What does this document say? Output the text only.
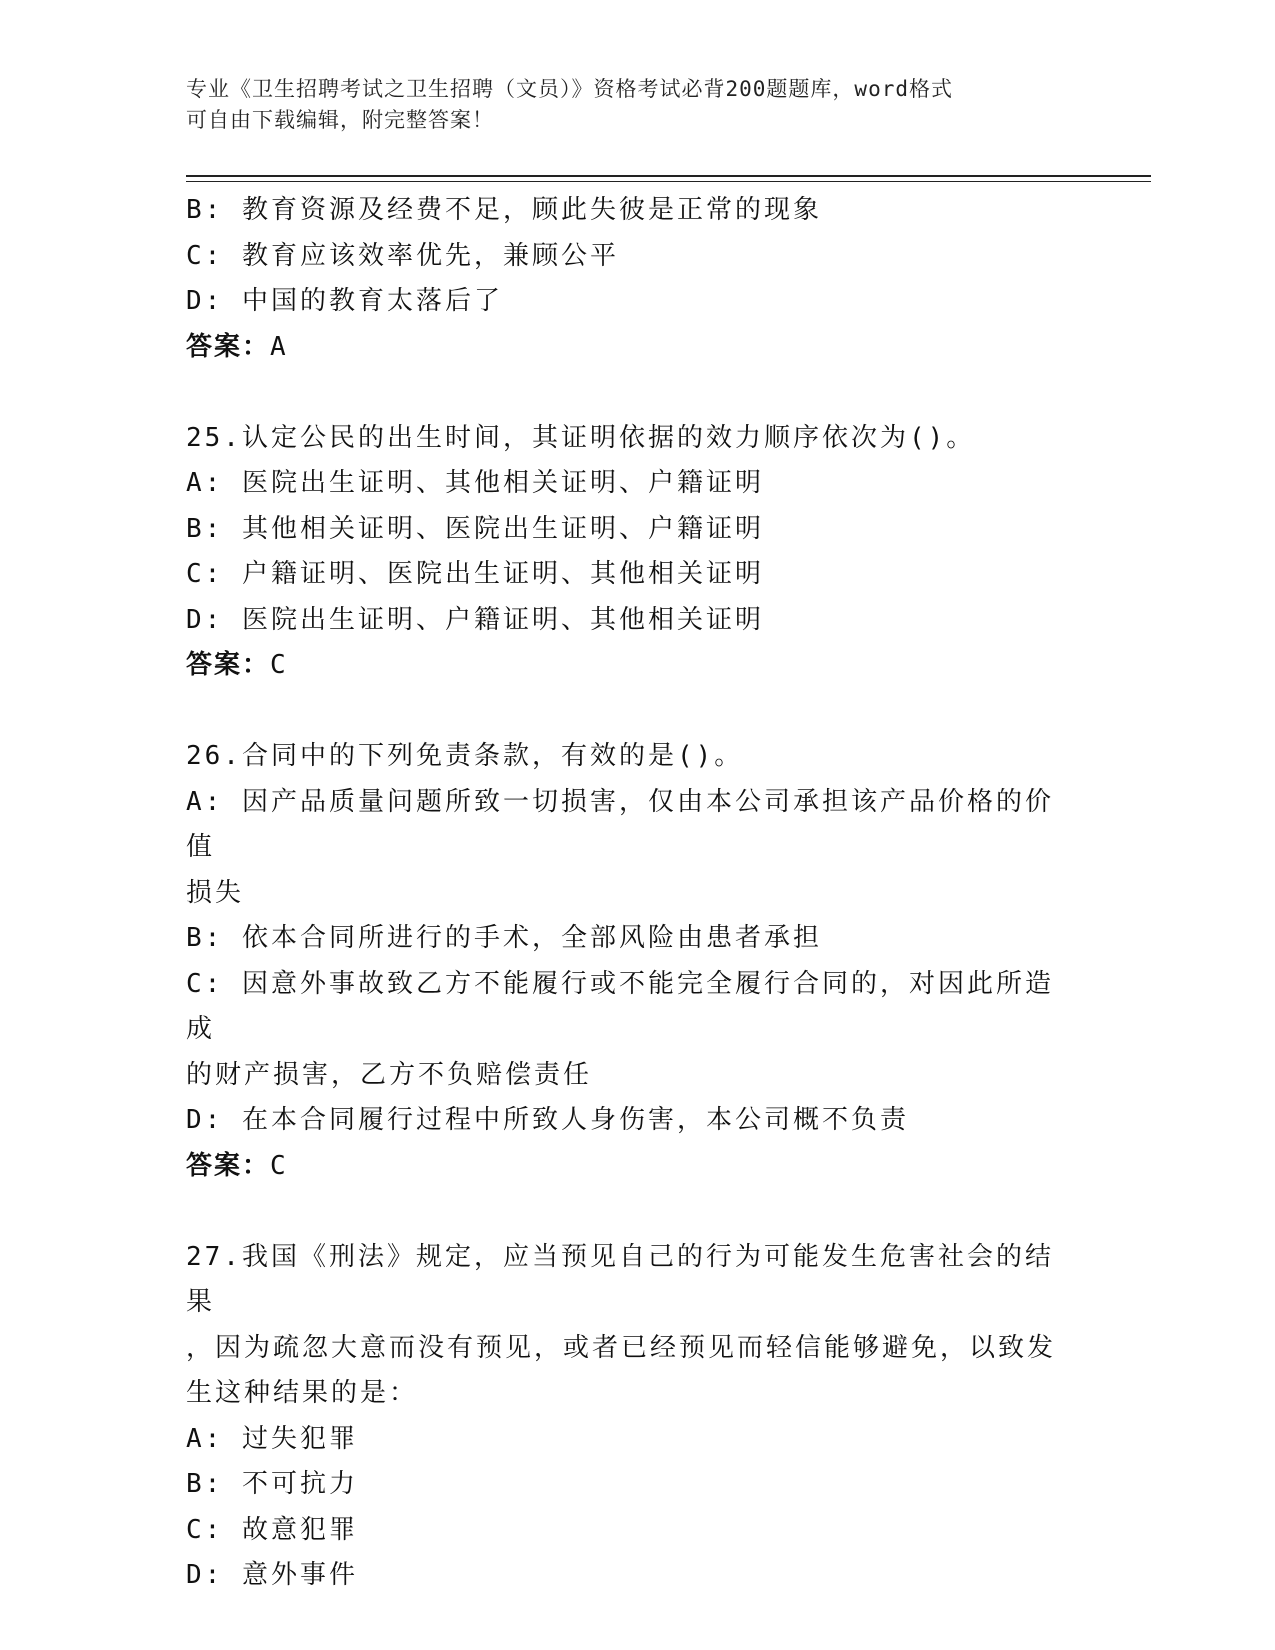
专业《卫生招聘考试之卫生招聘（文员）》资格考试必背200题题库，word格式

可自由下载编辑，附完整答案！

B: 教育资源及经费不足，顾此失彼是正常的现象

C: 教育应该效率优先，兼顾公平

D: 中国的教育太落后了

答案：A

25.认定公民的出生时间，其证明依据的效力顺序依次为()。

A: 医院出生证明、其他相关证明、户籍证明

B: 其他相关证明、医院出生证明、户籍证明

C: 户籍证明、医院出生证明、其他相关证明

D: 医院出生证明、户籍证明、其他相关证明

答案：C

26.合同中的下列免责条款，有效的是()。

A: 因产品质量问题所致一切损害，仅由本公司承担该产品价格的价值

损失

B: 依本合同所进行的手术，全部风险由患者承担

C: 因意外事故致乙方不能履行或不能完全履行合同的，对因此所造成

的财产损害，乙方不负赔偿责任

D: 在本合同履行过程中所致人身伤害，本公司概不负责

答案：C

27.我国《刑法》规定，应当预见自己的行为可能发生危害社会的结果

，因为疏忽大意而没有预见，或者已经预见而轻信能够避免，以致发

生这种结果的是：

A: 过失犯罪

B: 不可抗力

C: 故意犯罪

D: 意外事件
